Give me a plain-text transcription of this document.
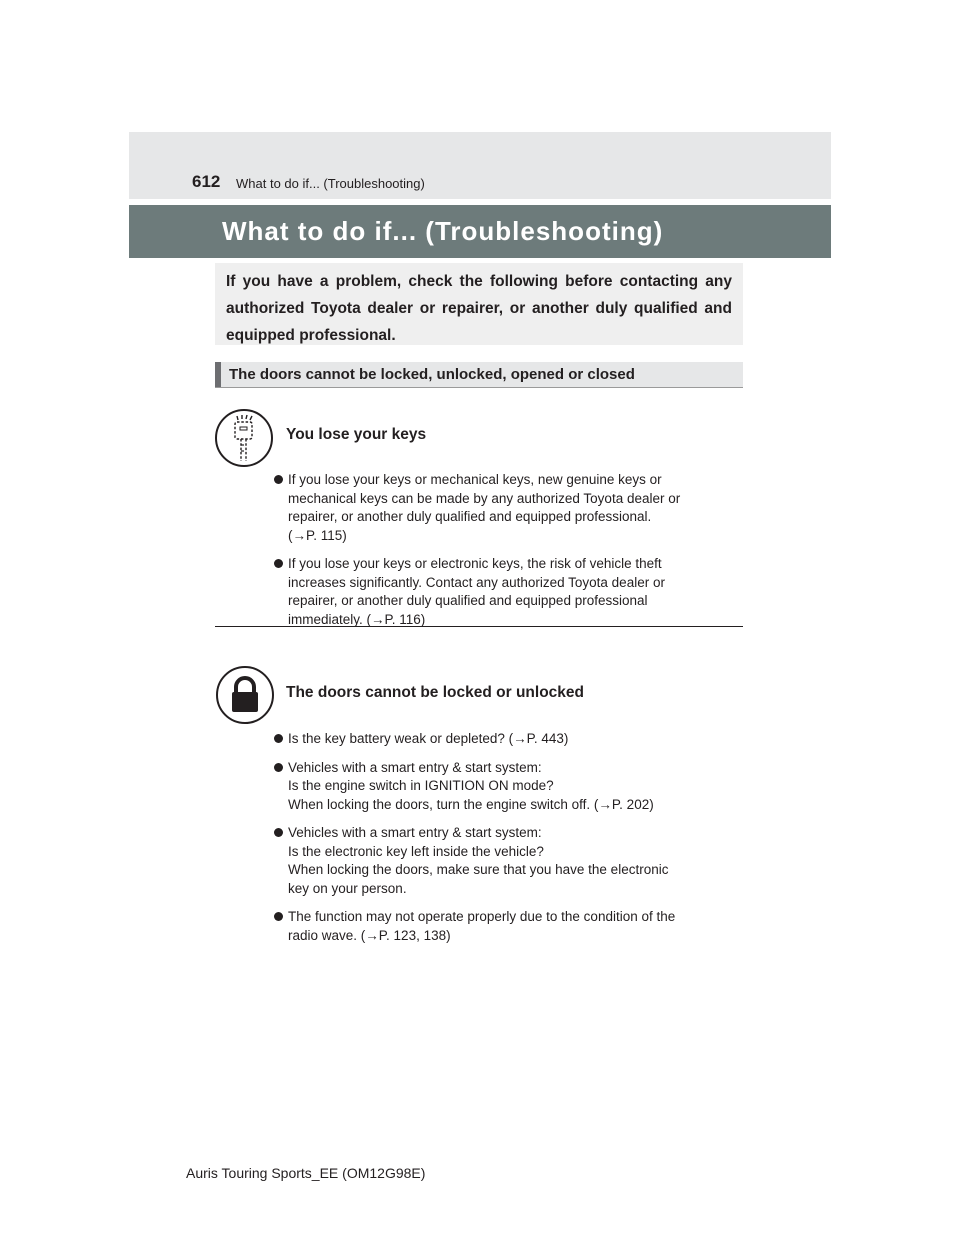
612 What to do if... (Troubleshooting)
What to do if... (Troubleshooting)
If you have a problem, check the following before contacting any authorized Toyota dealer or repairer, or another duly qualified and equipped professional.
The doors cannot be locked, unlocked, opened or closed
You lose your keys
If you lose your keys or mechanical keys, new genuine keys or
mechanical keys can be made by any authorized Toyota dealer or
repairer, or another duly qualified and equipped professional.
(→P. 115)
If you lose your keys or electronic keys, the risk of vehicle theft
increases significantly. Contact any authorized Toyota dealer or
repairer, or another duly qualified and equipped professional
immediately. (→P. 116)
The doors cannot be locked or unlocked
Is the key battery weak or depleted? (→P. 443)
Vehicles with a smart entry & start system:
Is the engine switch in IGNITION ON mode?
When locking the doors, turn the engine switch off. (→P. 202)
Vehicles with a smart entry & start system:
Is the electronic key left inside the vehicle?
When locking the doors, make sure that you have the electronic
key on your person.
The function may not operate properly due to the condition of the
radio wave. (→P. 123, 138)
Auris Touring Sports_EE (OM12G98E)
